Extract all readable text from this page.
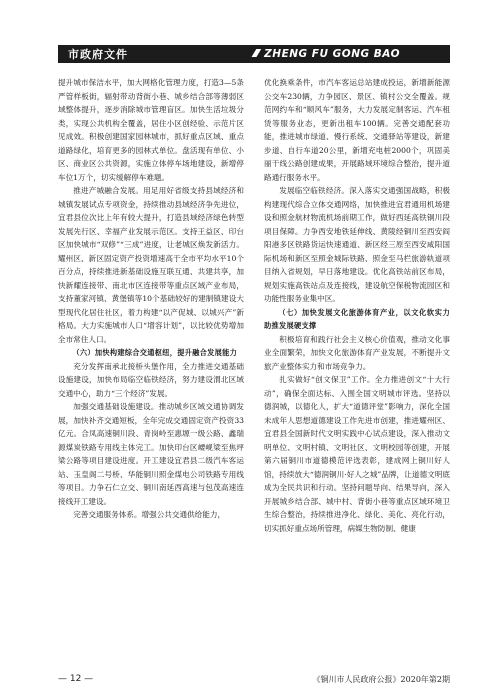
市政府文件	⁄⁄⁄⁄⁄⁄ ZHENG FU GONG BAO

提升城市保洁水平，加大网格化管理力度，打造3—5条严管样板街，辐射带动背街小巷、城乡结合部等薄弱区域整体提升，逐步消除城市管理盲区。加快生活垃圾分类，实现公共机构全覆盖，居住小区创经验、示范片区见成效。积极创建国家园林城市，抓好重点区域、重点道路绿化，培育更多的园林式单位。盘活现有单位、小区、商业区公共资源，实施立体停车场地建设，新增停车位1万个，切实缓解停车难题。

推进产城融合发展。用足用好省级支持县域经济和城镇发展试点专项资金，持续推动县域经济争先进位，宜君县位次比上年有较大提升，打造县域经济绿色转型发展先行区、幸福产业发展示范区。支持王益区、印台区加快城市“双修”“三成”进度，让老城区焕发新活力。耀州区、新区固定资产投资增速高于全市平均水平10个百分点，持续推进新基础设施互联互通、共建共享，加快新耀连接带、南北市区连接带等重点区域产业布局，支持董家河镇、黄堡镇等10个基础较好的建制镇建设大型现代化居住社区，着力构建“以产促城、以城兴产”新格局。大力实施城市人口“增容计划”，以比较优势增加全市常住人口。

（六）加快构建综合交通枢纽，提升融合发展能力

充分发挥南承北接桥头堡作用，全力推进交通基础设施建设，加快布局临空临铁经济，努力建设渭北区域交通中心，助力“三个经济”发展。

加强交通基础设施建设。推动城乡区域交通协调发展，加快补齐交通短板，全年完成交通固定资产投资33亿元。合凤高速铜川段、青岗岭至惠塬一级公路、鑫瑞源煤炭铁路专用线主体完工。加快印台区崾岘梁至焦坪梁公路等项目建设进度。开工建设宜君县二级汽车客运站、玉皇阁二号桥、华能铜川照金煤电公司铁路专用线等项目。力争石仁立交、铜川南延西高速与包茂高速连接线开工建设。

完善交通服务体系。增强公共交通供给能力，

优化换乘条件，市汽车客运总站建成投运，新增新能源公交车230辆，力争园区、景区、镇村公交全覆盖。规范网约车和“顺风车”服务，大力发展定制客运、汽车租赁等服务业态，更新出租车100辆。完善交通配套功能，推进城市绿道、慢行系统、交通驿站等建设，新建步道、自行车道20公里，新增充电桩2000个，巩固美丽干线公路创建成果，开展路域环境综合整治，提升道路通行服务水平。

发展临空临铁经济。深入落实交通强国战略，积极构建现代综合立体交通网络，加快推进宜君通用机场建设和照金航材物流机场前期工作，做好西延高铁铜川段项目保障。力争西安地铁延伸线、黄陵经铜川至西安阎阳港多区铁路货运快速通道、新区经三原至西安咸阳国际机场和新区至照金城际铁路、照金至马栏旅游轨道项目纳入省规划，早日落地建设。优化高铁站前区布局，规划实施高铁站点及连接线，建设航空保税物流园区和功能性服务业集中区。

（七）加快发展文化旅游体育产业，以文化软实力助推发展硬支撑

积极培育和践行社会主义核心价值观，推动文化事业全面繁荣，加快文化旅游体育产业发展，不断提升文旅产业整体实力和市场竞争力。

扎实做好“创文保卫”工作。全力推进创文“十大行动”，确保全面达标、入围全国文明城市评选。坚持以德润城，以德化人，扩大“道德评堂”影响力，深化全国未成年人思想道德建设工作先进市创建，推进耀州区、宜君县全国新时代文明实践中心试点建设，深入推动文明单位、文明村镇、文明社区、文明校园等创建，开展第六届铜川市道德模范评选表彰，建成网上铜川好人馆，持续放大“德润铜川·好人之城”品牌，让道德文明底成为全民共识和行动。坚持问题导向、结果导向，深入开展城乡结合部、城中村、背街小巷等重点区域环境卫生综合整治，持续推进净化、绿化、美化、亮化行动，切实抓好重点场所管理，病媒生物防制、健康

— 12 —	《铜川市人民政府公报》2020年第2期
